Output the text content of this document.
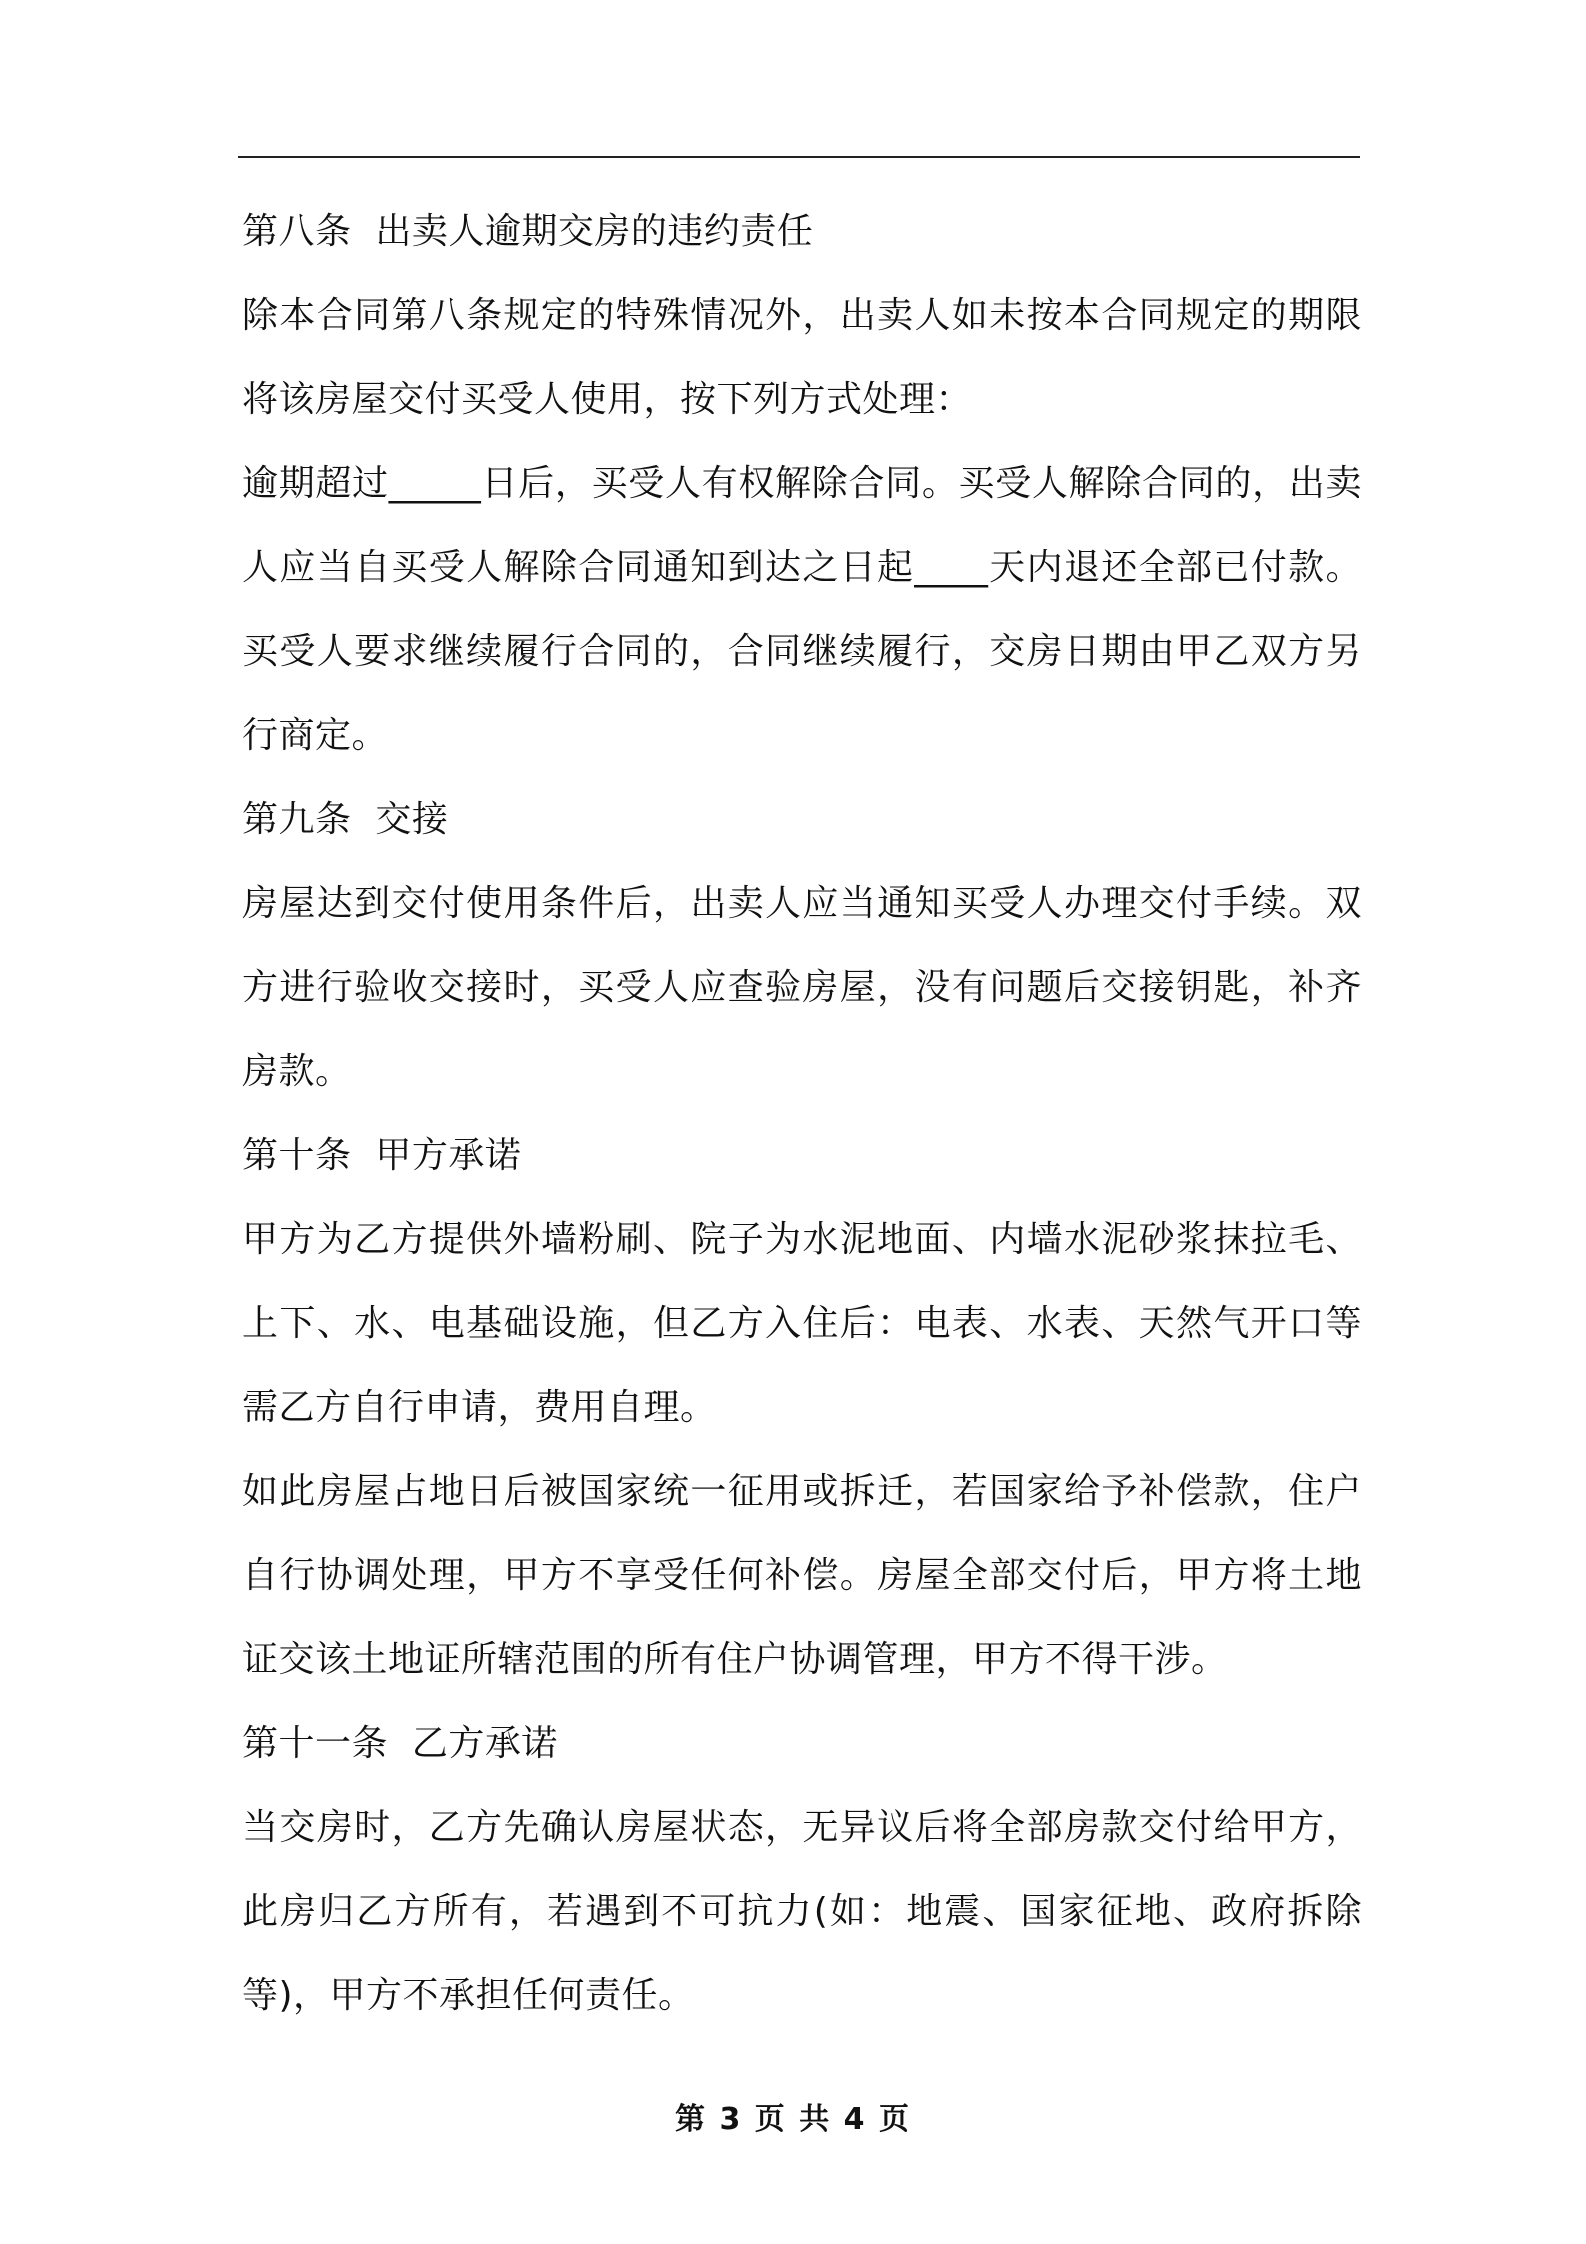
第八条  出卖人逾期交房的违约责任

除本合同第八条规定的特殊情况外，出卖人如未按本合同规定的期限将该房屋交付买受人使用，按下列方式处理：

逾期超过_____日后，买受人有权解除合同。买受人解除合同的，出卖人应当自买受人解除合同通知到达之日起____天内退还全部已付款。买受人要求继续履行合同的，合同继续履行，交房日期由甲乙双方另行商定。

第九条  交接

房屋达到交付使用条件后，出卖人应当通知买受人办理交付手续。双方进行验收交接时，买受人应查验房屋，没有问题后交接钥匙，补齐房款。

第十条  甲方承诺

甲方为乙方提供外墙粉刷、院子为水泥地面、内墙水泥砂浆抹拉毛、上下、水、电基础设施，但乙方入住后：电表、水表、天然气开口等需乙方自行申请，费用自理。

如此房屋占地日后被国家统一征用或拆迁，若国家给予补偿款，住户自行协调处理，甲方不享受任何补偿。房屋全部交付后，甲方将土地证交该土地证所辖范围的所有住户协调管理，甲方不得干涉。

第十一条  乙方承诺

当交房时，乙方先确认房屋状态，无异议后将全部房款交付给甲方，此房归乙方所有，若遇到不可抗力(如：地震、国家征地、政府拆除等)，甲方不承担任何责任。

第 3 页 共 4 页
